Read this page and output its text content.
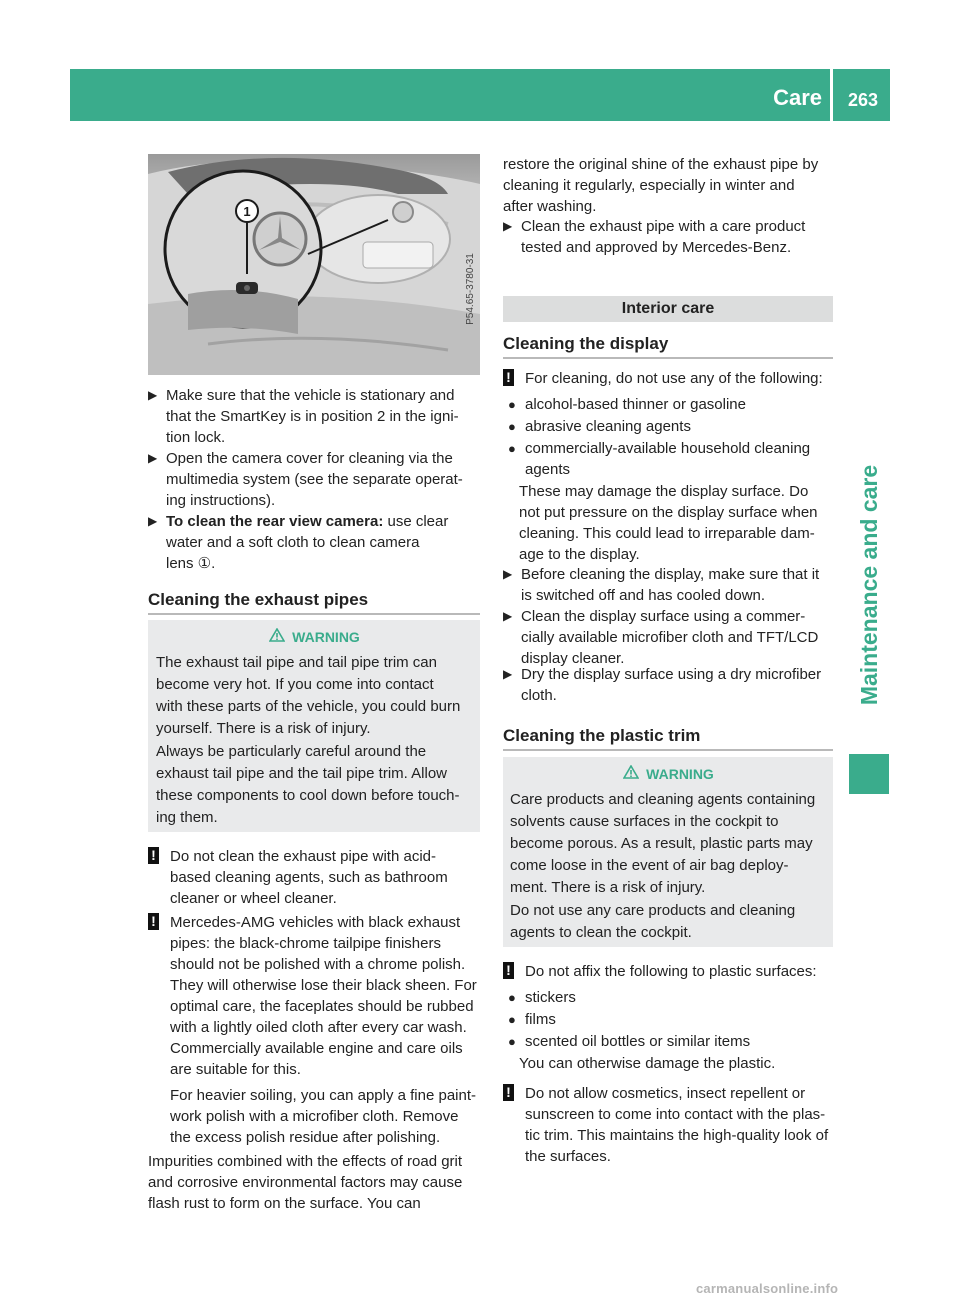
Care	263
Maintenance and care
1
P54.65-3780-31
▶ Make sure that the vehicle is stationary and
that the SmartKey is in position 2 in the igni-
tion lock.
▶ Open the camera cover for cleaning via the
multimedia system (see the separate operat-
ing instructions).
▶ To clean the rear view camera: use clear
water and a soft cloth to clean camera
lens ①.
Cleaning the exhaust pipes
WARNING
The exhaust tail pipe and tail pipe trim can
become very hot. If you come into contact
with these parts of the vehicle, you could burn
yourself. There is a risk of injury.
Always be particularly careful around the
exhaust tail pipe and the tail pipe trim. Allow
these components to cool down before touch-
ing them.
! Do not clean the exhaust pipe with acid-
based cleaning agents, such as bathroom
cleaner or wheel cleaner.
! Mercedes-AMG vehicles with black exhaust
pipes: the black-chrome tailpipe finishers
should not be polished with a chrome polish.
They will otherwise lose their black sheen. For
optimal care, the faceplates should be rubbed
with a lightly oiled cloth after every car wash.
Commercially available engine and care oils
are suitable for this.
For heavier soiling, you can apply a fine paint-
work polish with a microfiber cloth. Remove
the excess polish residue after polishing.
Impurities combined with the effects of road grit
and corrosive environmental factors may cause
flash rust to form on the surface. You can
restore the original shine of the exhaust pipe by
cleaning it regularly, especially in winter and
after washing.
▶ Clean the exhaust pipe with a care product
tested and approved by Mercedes-Benz.
Interior care
Cleaning the display
! For cleaning, do not use any of the following:
● alcohol-based thinner or gasoline
● abrasive cleaning agents
● commercially-available household cleaning
agents
These may damage the display surface. Do
not put pressure on the display surface when
cleaning. This could lead to irreparable dam-
age to the display.
▶ Before cleaning the display, make sure that it
is switched off and has cooled down.
▶ Clean the display surface using a commer-
cially available microfiber cloth and TFT/LCD
display cleaner.
▶ Dry the display surface using a dry microfiber
cloth.
Cleaning the plastic trim
WARNING
Care products and cleaning agents containing
solvents cause surfaces in the cockpit to
become porous. As a result, plastic parts may
come loose in the event of air bag deploy-
ment. There is a risk of injury.
Do not use any care products and cleaning
agents to clean the cockpit.
! Do not affix the following to plastic surfaces:
● stickers
● films
● scented oil bottles or similar items
You can otherwise damage the plastic.
! Do not allow cosmetics, insect repellent or
sunscreen to come into contact with the plas-
tic trim. This maintains the high-quality look of
the surfaces.
carmanualsonline.info
